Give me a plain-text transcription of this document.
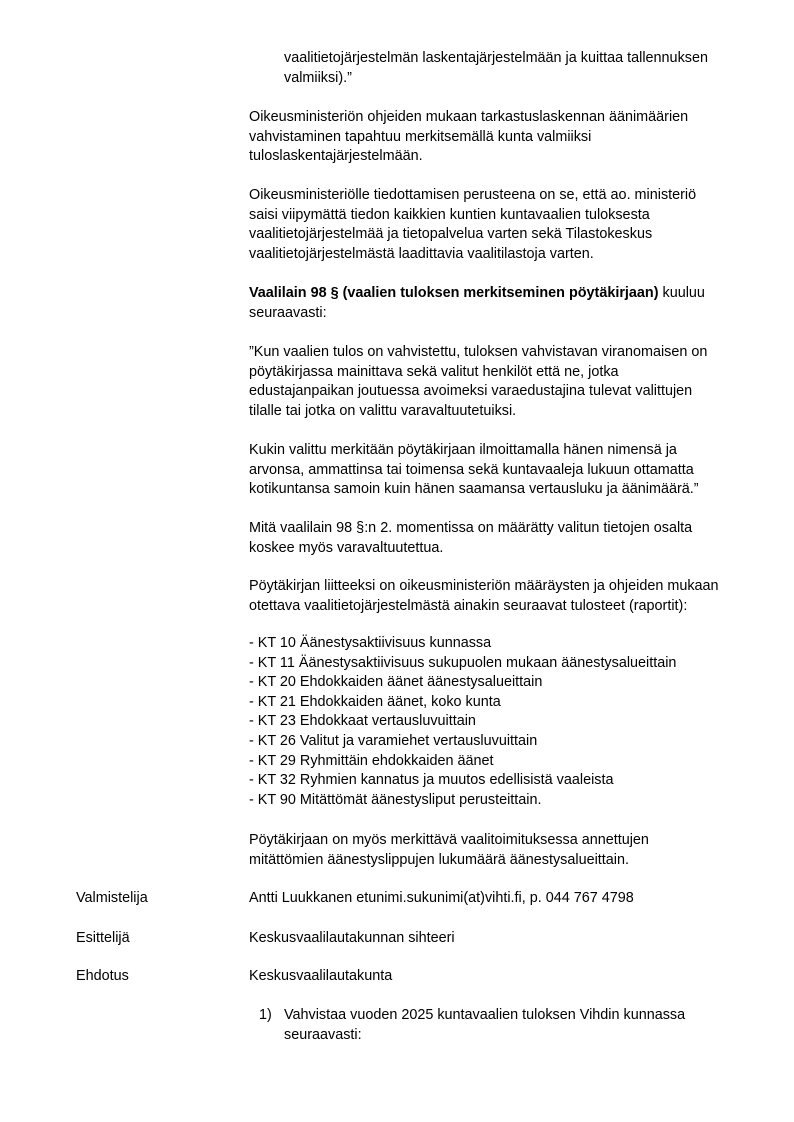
vaalitietojärjestelmän laskentajärjestelmään ja kuittaa tallennuksen
valmiiksi).”

Oikeusministeriön ohjeiden mukaan tarkastuslaskennan äänimäärien
vahvistaminen tapahtuu merkitsemällä kunta valmiiksi
tuloslaskentajärjestelmään.

Oikeusministeriölle tiedottamisen perusteena on se, että ao. ministeriö
saisi viipymättä tiedon kaikkien kuntien kuntavaalien tuloksesta
vaalitietojärjestelmää ja tietopalvelua varten sekä Tilastokeskus
vaalitietojärjestelmästä laadittavia vaalitilastoja varten.

Vaalilain 98 § (vaalien tuloksen merkitseminen pöytäkirjaan) kuuluu
seuraavasti:

”Kun vaalien tulos on vahvistettu, tuloksen vahvistavan viranomaisen on
pöytäkirjassa mainittava sekä valitut henkilöt että ne, jotka
edustajanpaikan joutuessa avoimeksi varaedustajina tulevat valittujen
tilalle tai jotka on valittu varavaltuutetuiksi.

Kukin valittu merkitään pöytäkirjaan ilmoittamalla hänen nimensä ja
arvonsa, ammattinsa tai toimensa sekä kuntavaaleja lukuun ottamatta
kotikuntansa samoin kuin hänen saamansa vertausluku ja äänimäärä.”

Mitä vaalilain 98 §:n 2. momentissa on määrätty valitun tietojen osalta
koskee myös varavaltuutettua.

Pöytäkirjan liitteeksi on oikeusministeriön määräysten ja ohjeiden mukaan
otettava vaalitietojärjestelmästä ainakin seuraavat tulosteet (raportit):

- KT 10 Äänestysaktiivisuus kunnassa
- KT 11 Äänestysaktiivisuus sukupuolen mukaan äänestysalueittain
- KT 20 Ehdokkaiden äänet äänestysalueittain
- KT 21 Ehdokkaiden äänet, koko kunta
- KT 23 Ehdokkaat vertausluvuittain
- KT 26 Valitut ja varamiehet vertausluvuittain
- KT 29 Ryhmittäin ehdokkaiden äänet
- KT 32 Ryhmien kannatus ja muutos edellisistä vaaleista
- KT 90 Mitättömät äänestysliput perusteittain.

Pöytäkirjaan on myös merkittävä vaalitoimituksessa annettujen
mitättömien äänestyslippujen lukumäärä äänestysalueittain.

Valmistelija	Antti Luukkanen etunimi.sukunimi(at)vihti.fi, p. 044 767 4798

Esittelijä	Keskusvaalilautakunnan sihteeri

Ehdotus	Keskusvaalilautakunta

1) Vahvistaa vuoden 2025 kuntavaalien tuloksen Vihdin kunnassa
seuraavasti:
